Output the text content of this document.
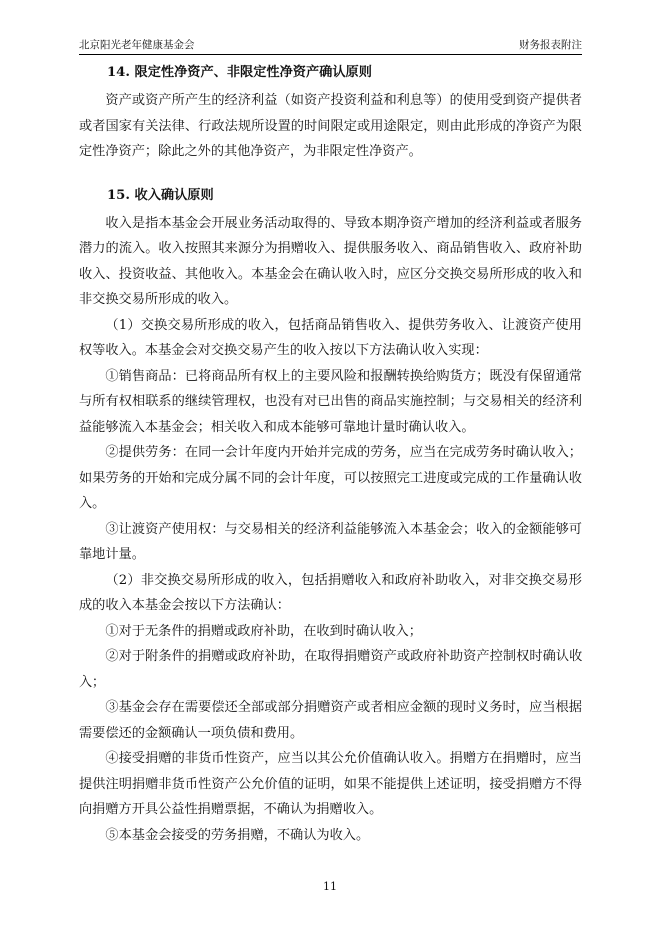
北京阳光老年健康基金会	财务报表附注
14. 限定性净资产、非限定性净资产确认原则

资产或资产所产生的经济利益（如资产投资利益和利息等）的使用受到资产提供者或者国家有关法律、行政法规所设置的时间限定或用途限定，则由此形成的净资产为限定性净资产；除此之外的其他净资产，为非限定性净资产。

15. 收入确认原则

收入是指本基金会开展业务活动取得的、导致本期净资产增加的经济利益或者服务潜力的流入。收入按照其来源分为捐赠收入、提供服务收入、商品销售收入、政府补助收入、投资收益、其他收入。本基金会在确认收入时，应区分交换交易所形成的收入和非交换交易所形成的收入。

（1）交换交易所形成的收入，包括商品销售收入、提供劳务收入、让渡资产使用权等收入。本基金会对交换交易产生的收入按以下方法确认收入实现：

①销售商品：已将商品所有权上的主要风险和报酬转换给购货方；既没有保留通常与所有权相联系的继续管理权，也没有对已出售的商品实施控制；与交易相关的经济利益能够流入本基金会；相关收入和成本能够可靠地计量时确认收入。

②提供劳务：在同一会计年度内开始并完成的劳务，应当在完成劳务时确认收入；如果劳务的开始和完成分属不同的会计年度，可以按照完工进度或完成的工作量确认收入。

③让渡资产使用权：与交易相关的经济利益能够流入本基金会；收入的金额能够可靠地计量。

（2）非交换交易所形成的收入，包括捐赠收入和政府补助收入，对非交换交易形成的收入本基金会按以下方法确认：

①对于无条件的捐赠或政府补助，在收到时确认收入；

②对于附条件的捐赠或政府补助，在取得捐赠资产或政府补助资产控制权时确认收入；

③基金会存在需要偿还全部或部分捐赠资产或者相应金额的现时义务时，应当根据需要偿还的金额确认一项负债和费用。

④接受捐赠的非货币性资产，应当以其公允价值确认收入。捐赠方在捐赠时，应当提供注明捐赠非货币性资产公允价值的证明，如果不能提供上述证明，接受捐赠方不得向捐赠方开具公益性捐赠票据，不确认为捐赠收入。

⑤本基金会接受的劳务捐赠，不确认为收入。

11
